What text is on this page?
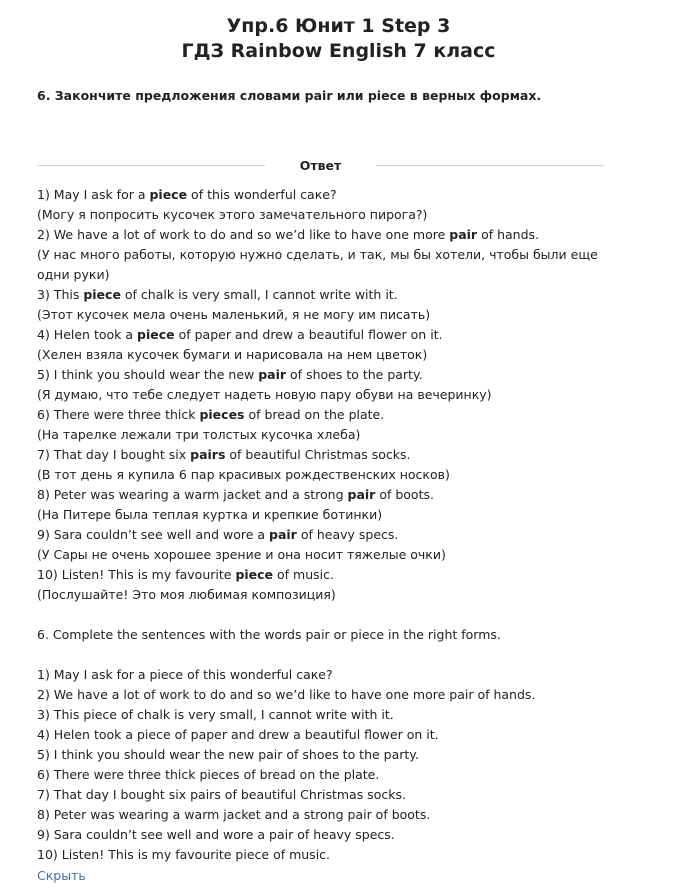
Упр.6 Юнит 1 Step 3
ГДЗ Rainbow English 7 класс
6. Закончите предложения словами pair или piece в верных формах.
Ответ

1) May I ask for a piece of this wonderful caкe?

(Могу я попросить кусочек этого замечательного пирога?)

2) We have a lot of work to do and so we’d like to have one more pair of hands.

(У нас много работы, которую нужно сделать, и так, мы бы хотели, чтобы были еще

одни руки)

3) This piece of chalk is very small, I cannot write with it.

(Этот кусочек мела очень маленький, я не могу им писать)

4) Helen took a piece of paper and drew a beautiful flower on it.

(Хелен взяла кусочек бумаги и нарисовала на нем цветок)

5) I think you should wear the new pair of shoes to the party.

(Я думаю, что тебе следует надеть новую пару обуви на вечеринку)

6) There were three thick pieces of bread on the plate.

(На тарелке лежали три толстых кусочка хлеба)

7) That day I bought six pairs of beautiful Christmas socks.

(В тот день я купила 6 пар красивых рождественских носков)

8) Peter was wearing a warm jacket and a strong pair of boots.

(На Питере была теплая куртка и крепкие ботинки)

9) Sara couldn’t see well and wore a pair of heavy specs.

(У Сары не очень хорошее зрение и она носит тяжелые очки)

10) Listen! This is my favourite piece of music.

(Послушайте! Это моя любимая композиция)

6. Complete the sentences with the words pair or piece in the right forms.

1) May I ask for a piece of this wonderful caкe?

2) We have a lot of work to do and so we’d like to have one more pair of hands.

3) This piece of chalk is very small, I cannot write with it.

4) Helen took a piece of paper and drew a beautiful flower on it.

5) I think you should wear the new pair of shoes to the party.

6) There were three thick pieces of bread on the plate.

7) That day I bought six pairs of beautiful Christmas socks.

8) Peter was wearing a warm jacket and a strong pair of boots.

9) Sara couldn’t see well and wore a pair of heavy specs.

10) Listen! This is my favourite piece of music.

Скрыть
